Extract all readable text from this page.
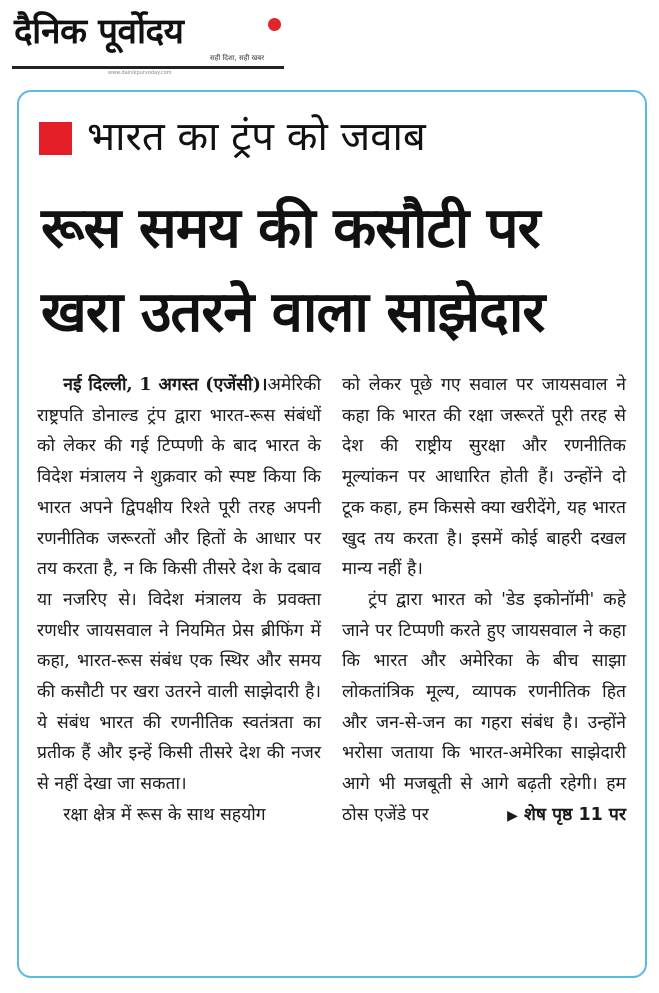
दैनिक पूर्वोदय
सही दिशा, सही खबर
www.dainikpurvoday.com
भारत का ट्रंप को जवाब
रूस समय की कसौटी पर
खरा उतरने वाला साझेदार

नई दिल्ली, 1 अगस्त (एजेंसी)।अमेरिकी राष्ट्रपति डोनाल्ड ट्रंप द्वारा भारत-रूस संबंधों को लेकर की गई टिप्पणी के बाद भारत के विदेश मंत्रालय ने शुक्रवार को स्पष्ट किया कि भारत अपने द्विपक्षीय रिश्ते पूरी तरह अपनी रणनीतिक जरूरतों और हितों के आधार पर तय करता है, न कि किसी तीसरे देश के दबाव या नजरिए से। विदेश मंत्रालय के प्रवक्ता रणधीर जायसवाल ने नियमित प्रेस ब्रीफिंग में कहा, भारत-रूस संबंध एक स्थिर और समय की कसौटी पर खरा उतरने वाली साझेदारी है। ये संबंध भारत की रणनीतिक स्वतंत्रता का प्रतीक हैं और इन्हें किसी तीसरे देश की नजर से नहीं देखा जा सकता।

रक्षा क्षेत्र में रूस के साथ सहयोग

को लेकर पूछे गए सवाल पर जायसवाल ने कहा कि भारत की रक्षा जरूरतें पूरी तरह से देश की राष्ट्रीय सुरक्षा और रणनीतिक मूल्यांकन पर आधारित होती हैं। उन्होंने दो टूक कहा, हम किससे क्या खरीदेंगे, यह भारत खुद तय करता है। इसमें कोई बाहरी दखल मान्य नहीं है।

ट्रंप द्वारा भारत को 'डेड इकोनॉमी' कहे जाने पर टिप्पणी करते हुए जायसवाल ने कहा कि भारत और अमेरिका के बीच साझा लोकतांत्रिक मूल्य, व्यापक रणनीतिक हित और जन-से-जन का गहरा संबंध है। उन्होंने भरोसा जताया कि भारत-अमेरिका साझेदारी आगे भी मजबूती से आगे बढ़ती रहेगी। हम ठोस एजेंडे पर	▶ शेष पृष्ठ 11 पर
